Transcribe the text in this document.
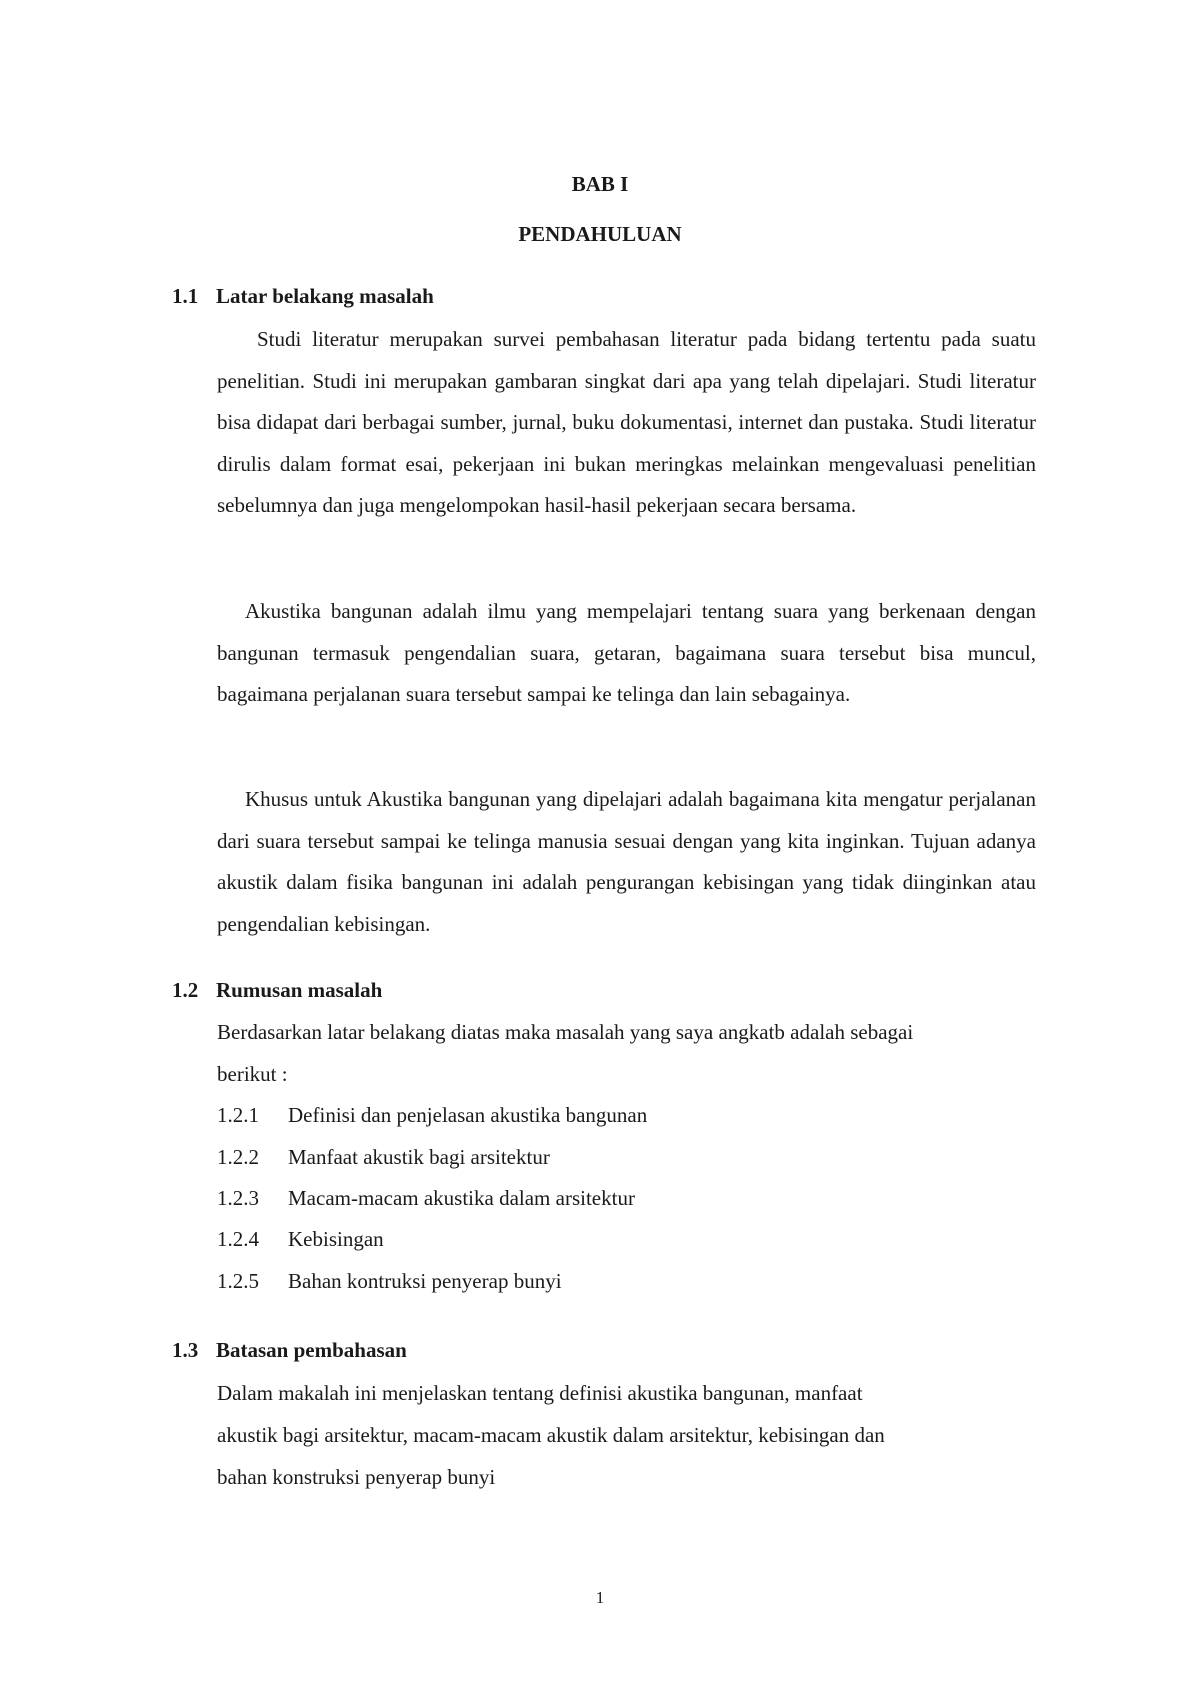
BAB I
PENDAHULUAN
1.1 Latar belakang masalah

Studi literatur merupakan survei pembahasan literatur pada bidang tertentu pada suatu penelitian. Studi ini merupakan gambaran singkat dari apa yang telah dipelajari. Studi literatur bisa didapat dari berbagai sumber, jurnal, buku dokumentasi, internet dan pustaka. Studi literatur dirulis dalam format esai, pekerjaan ini bukan meringkas melainkan mengevaluasi penelitian sebelumnya dan juga mengelompokan hasil-hasil pekerjaan secara bersama.

Akustika bangunan adalah ilmu yang mempelajari tentang suara yang berkenaan dengan bangunan termasuk pengendalian suara, getaran, bagaimana suara tersebut bisa muncul, bagaimana perjalanan suara tersebut sampai ke telinga dan lain sebagainya.

Khusus untuk Akustika bangunan yang dipelajari adalah bagaimana kita mengatur perjalanan dari suara tersebut sampai ke telinga manusia sesuai dengan yang kita inginkan. Tujuan adanya akustik dalam fisika bangunan ini adalah pengurangan kebisingan yang tidak diinginkan atau pengendalian kebisingan.

1.2 Rumusan masalah

Berdasarkan latar belakang diatas maka masalah yang saya angkatb adalah sebagai

berikut :

1.2.1 Definisi dan penjelasan akustika bangunan
1.2.2 Manfaat akustik bagi arsitektur
1.2.3 Macam-macam akustika dalam arsitektur
1.2.4 Kebisingan
1.2.5 Bahan kontruksi penyerap bunyi
1.3 Batasan pembahasan

Dalam makalah ini menjelaskan tentang definisi akustika bangunan, manfaat

akustik bagi arsitektur, macam-macam akustik dalam arsitektur, kebisingan dan

bahan konstruksi penyerap bunyi

1
